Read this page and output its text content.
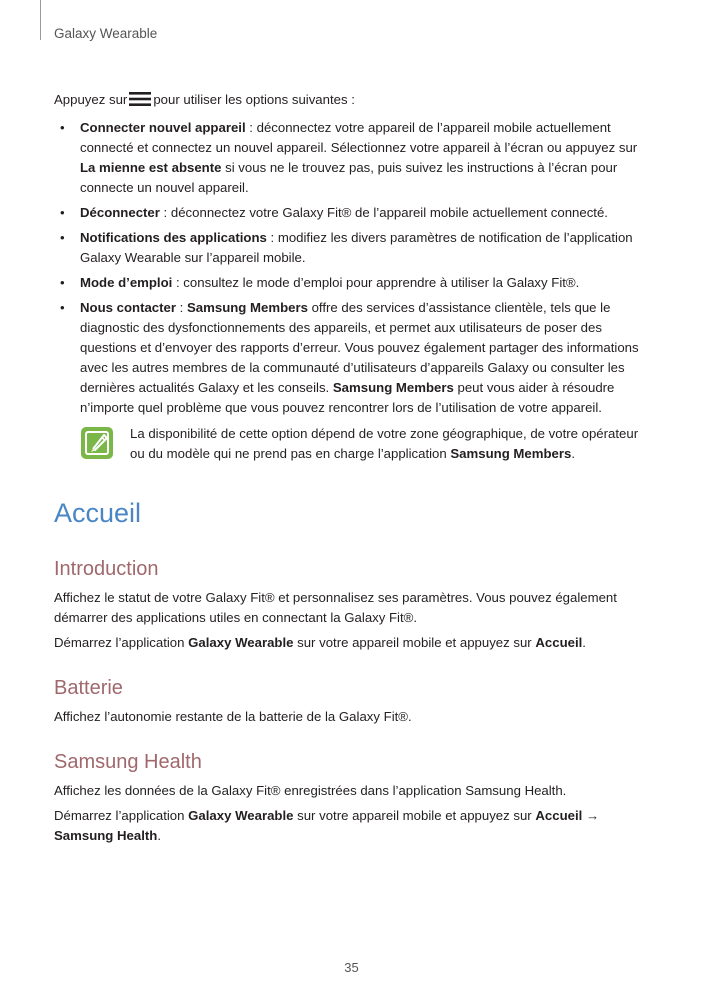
Galaxy Wearable

Appuyez sur pour utiliser les options suivantes :

• Connecter nouvel appareil : déconnectez votre appareil de l’appareil mobile actuellement connecté et connectez un nouvel appareil. Sélectionnez votre appareil à l’écran ou appuyez sur La mienne est absente si vous ne le trouvez pas, puis suivez les instructions à l’écran pour connecte un nouvel appareil.
• Déconnecter : déconnectez votre Galaxy Fit® de l’appareil mobile actuellement connecté.
• Notifications des applications : modifiez les divers paramètres de notification de l’application Galaxy Wearable sur l’appareil mobile.
• Mode d’emploi : consultez le mode d’emploi pour apprendre à utiliser la Galaxy Fit®.
• Nous contacter : Samsung Members offre des services d’assistance clientèle, tels que le diagnostic des dysfonctionnements des appareils, et permet aux utilisateurs de poser des questions et d’envoyer des rapports d’erreur. Vous pouvez également partager des informations avec les autres membres de la communauté d’utilisateurs d’appareils Galaxy ou consulter les dernières actualités Galaxy et les conseils. Samsung Members peut vous aider à résoudre n’importe quel problème que vous pouvez rencontrer lors de l’utilisation de votre appareil.
La disponibilité de cette option dépend de votre zone géographique, de votre opérateur ou du modèle qui ne prend pas en charge l’application Samsung Members.
Accueil
Introduction

Affichez le statut de votre Galaxy Fit® et personnalisez ses paramètres. Vous pouvez également démarrer des applications utiles en connectant la Galaxy Fit®.

Démarrez l’application Galaxy Wearable sur votre appareil mobile et appuyez sur Accueil.

Batterie

Affichez l’autonomie restante de la batterie de la Galaxy Fit®.

Samsung Health

Affichez les données de la Galaxy Fit® enregistrées dans l’application Samsung Health.

Démarrez l’application Galaxy Wearable sur votre appareil mobile et appuyez sur Accueil → Samsung Health.

35
